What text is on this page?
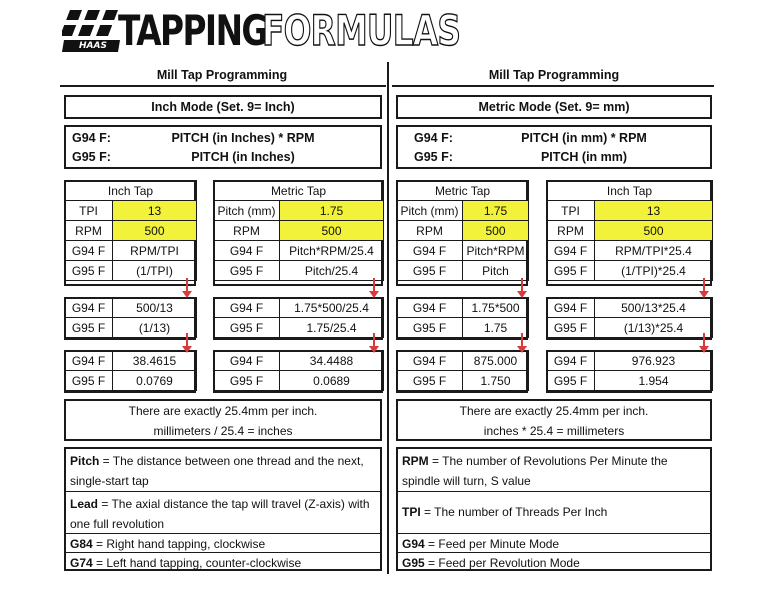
HAAS TAPPING
FORMULAS
Mill Tap Programming
Inch Mode (Set. 9= Inch)
G94 F:	PITCH (in Inches) * RPM
G95 F:	PITCH (in Inches)
Inch Tap	
TPI	13
RPM	500
G94 F	RPM/TPI
G95 F	(1/TPI)
Metric Tap	
Pitch (mm)	1.75
RPM	500
G94 F	Pitch*RPM/25.4
G95 F	Pitch/25.4
G94 F	500/13
G95 F	(1/13)
G94 F	1.75*500/25.4
G95 F	1.75/25.4
G94 F	38.4615
G95 F	0.0769
G94 F	34.4488
G95 F	0.0689
There are exactly 25.4mm per inch.
millimeters / 25.4 = inches
Pitch = The distance between one thread and the next, single-start tap
Lead = The axial distance the tap will travel (Z-axis) with one full revolution
G84 = Right hand tapping, clockwise
G74 = Left hand tapping, counter-clockwise
Mill Tap Programming
Metric Mode (Set. 9= mm)
G94 F:	PITCH (in mm) * RPM
G95 F:	PITCH (in mm)
Metric Tap	
Pitch (mm)	1.75
RPM	500
G94 F	Pitch*RPM
G95 F	Pitch
Inch Tap	
TPI	13
RPM	500
G94 F	RPM/TPI*25.4
G95 F	(1/TPI)*25.4
G94 F	1.75*500
G95 F	1.75
G94 F	500/13*25.4
G95 F	(1/13)*25.4
G94 F	875.000
G95 F	1.750
G94 F	976.923
G95 F	1.954
There are exactly 25.4mm per inch.
inches * 25.4 = millimeters
RPM = The number of Revolutions Per Minute the spindle will turn, S value
TPI = The number of Threads Per Inch
G94 = Feed per Minute Mode
G95 = Feed per Revolution Mode
